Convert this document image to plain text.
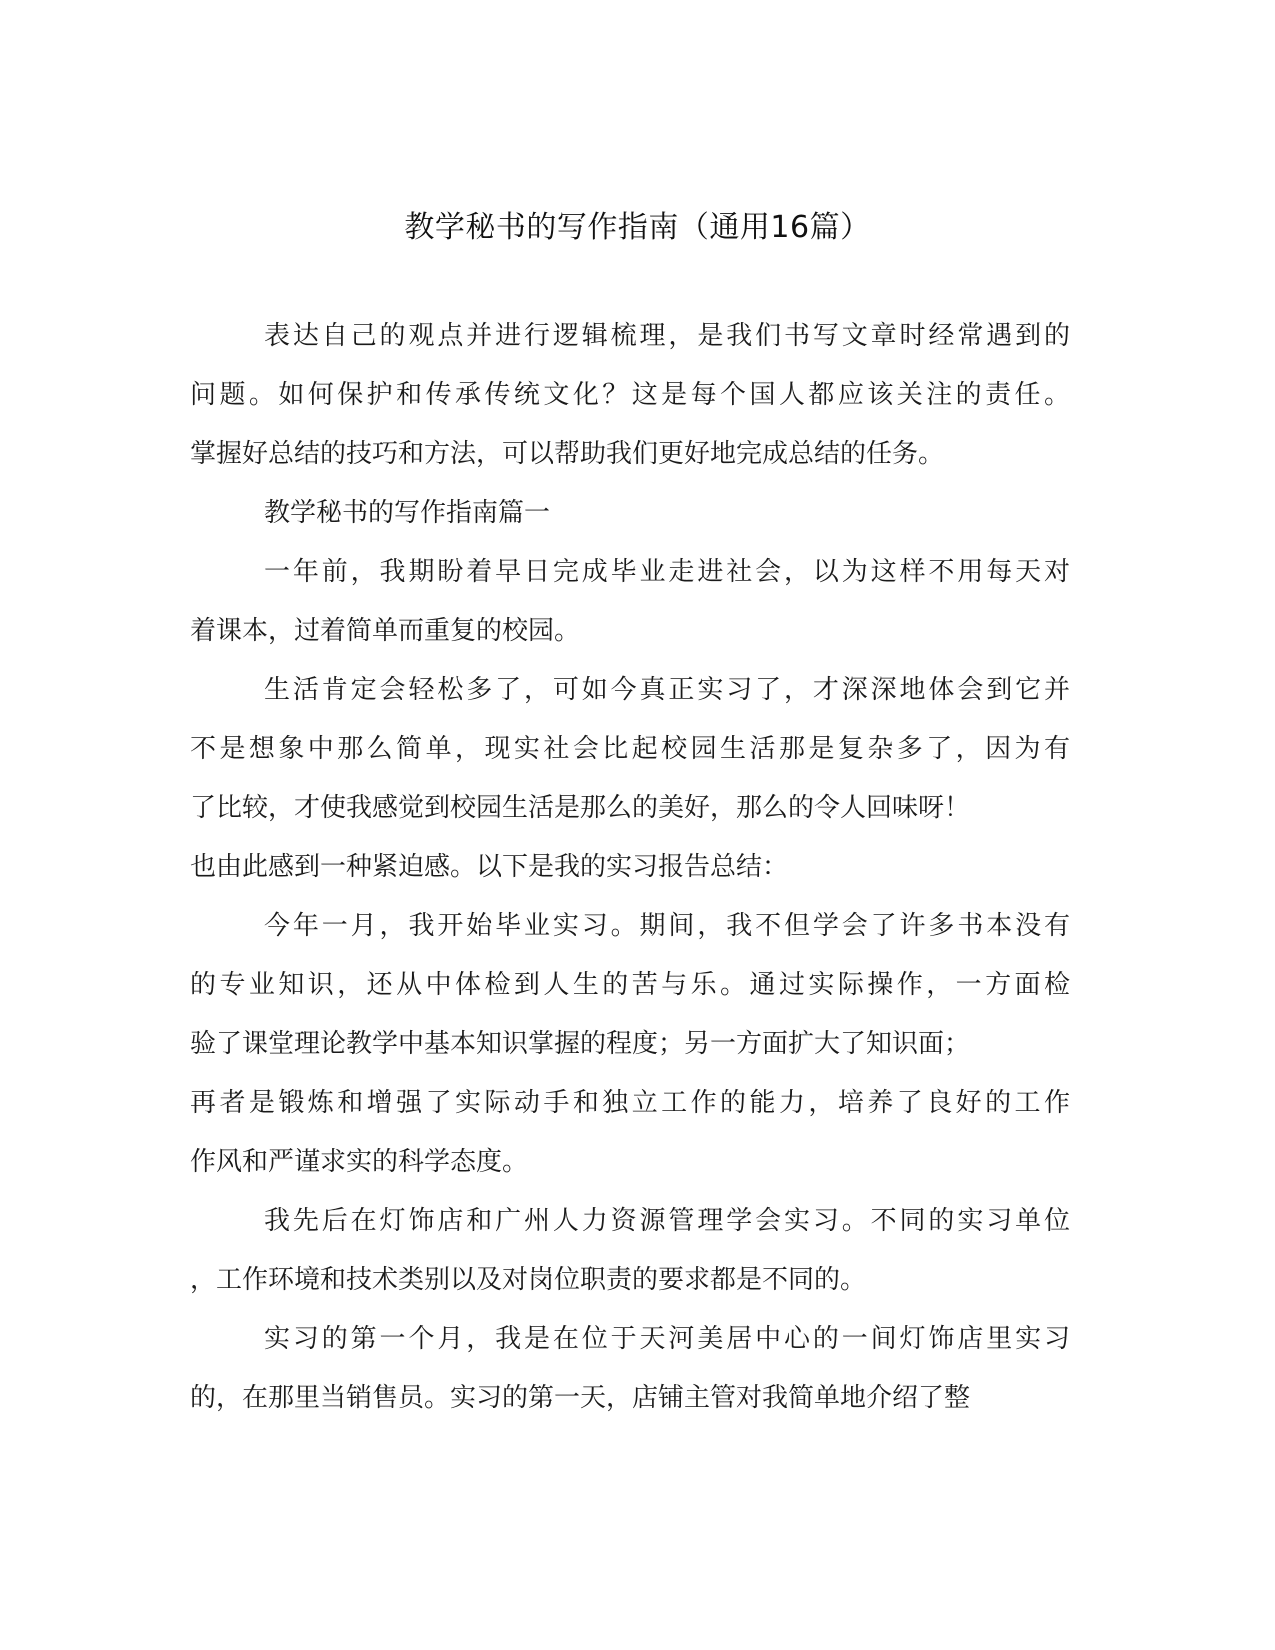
教学秘书的写作指南（通用16篇）
表达自己的观点并进行逻辑梳理，是我们书写文章时经常遇到的
问题。如何保护和传承传统文化？这是每个国人都应该关注的责任。
掌握好总结的技巧和方法，可以帮助我们更好地完成总结的任务。
教学秘书的写作指南篇一
一年前，我期盼着早日完成毕业走进社会，以为这样不用每天对
着课本，过着简单而重复的校园。
生活肯定会轻松多了，可如今真正实习了，才深深地体会到它并
不是想象中那么简单，现实社会比起校园生活那是复杂多了，因为有
了比较，才使我感觉到校园生活是那么的美好，那么的令人回味呀！
也由此感到一种紧迫感。以下是我的实习报告总结：
今年一月，我开始毕业实习。期间，我不但学会了许多书本没有
的专业知识，还从中体检到人生的苦与乐。通过实际操作，一方面检
验了课堂理论教学中基本知识掌握的程度；另一方面扩大了知识面；
再者是锻炼和增强了实际动手和独立工作的能力，培养了良好的工作
作风和严谨求实的科学态度。
我先后在灯饰店和广州人力资源管理学会实习。不同的实习单位
，工作环境和技术类别以及对岗位职责的要求都是不同的。
实习的第一个月，我是在位于天河美居中心的一间灯饰店里实习
的，在那里当销售员。实习的第一天，店铺主管对我简单地介绍了整
